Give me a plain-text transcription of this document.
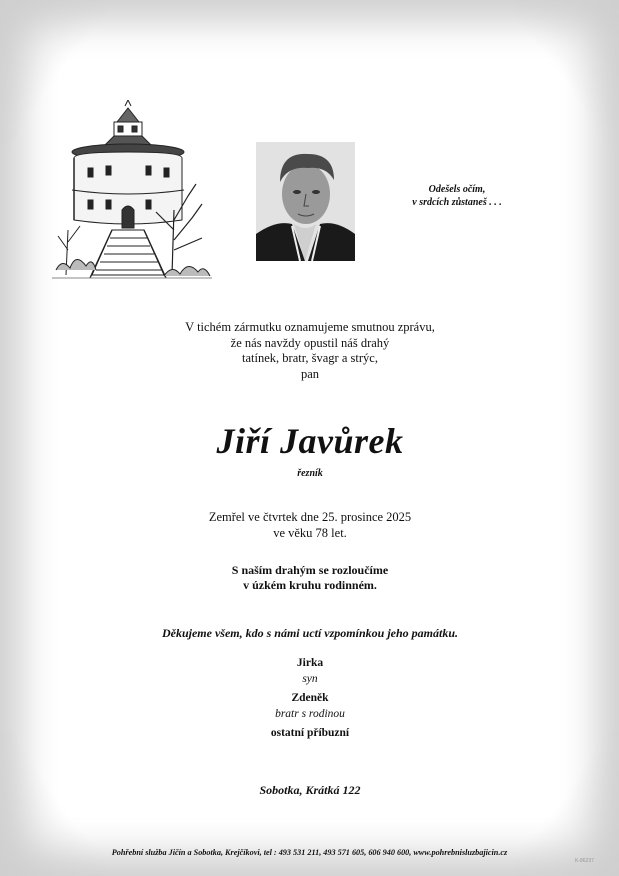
Odešels očím,
v srdcích zůstaneš . . .
V tichém zármutku oznamujeme smutnou zprávu,
že nás navždy opustil náš drahý
tatínek, bratr, švagr a strýc,
pan
Jiří Javůrek
řezník
Zemřel ve čtvrtek dne 25. prosince 2025
ve věku 78 let.
S naším drahým se rozloučíme
v úzkém kruhu rodinném.
Děkujeme všem, kdo s námi uctí vzpomínkou jeho památku.
Jirka
syn
Zdeněk
bratr s rodinou
ostatní příbuzní
Sobotka, Krátká 122
Pohřební služba Jičín a Sobotka, Krejčíkovi, tel : 493 531 211, 493 571 605, 606 940 600, www.pohrebnisluzbajicin.cz
K-86237
